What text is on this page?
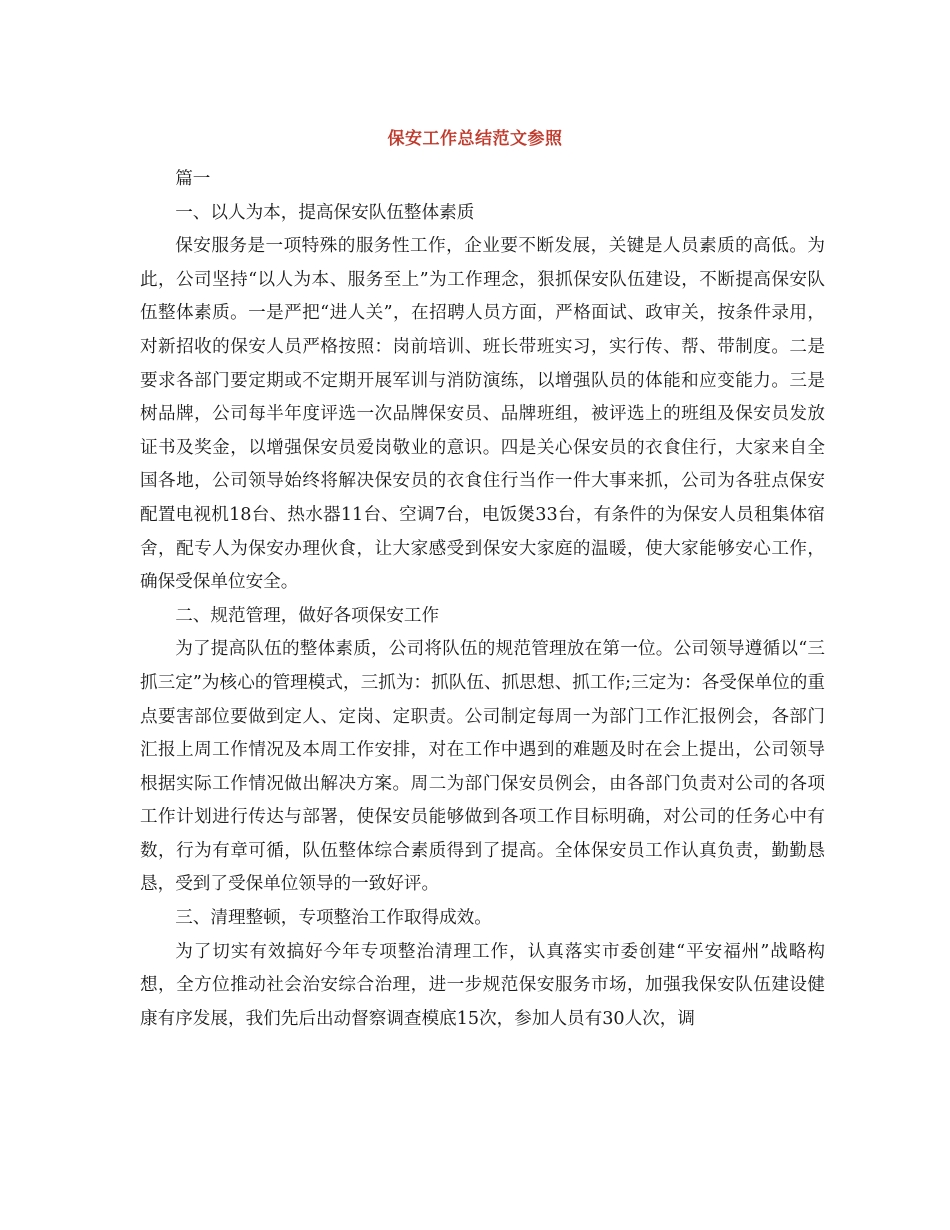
保安工作总结范文参照

篇一

一、以人为本，提高保安队伍整体素质

保安服务是一项特殊的服务性工作，企业要不断发展，关键是人员素质的高低。为此，公司坚持“以人为本、服务至上”为工作理念，狠抓保安队伍建设，不断提高保安队伍整体素质。一是严把“进人关”，在招聘人员方面，严格面试、政审关，按条件录用，对新招收的保安人员严格按照：岗前培训、班长带班实习，实行传、帮、带制度。二是要求各部门要定期或不定期开展军训与消防演练，以增强队员的体能和应变能力。三是树品牌，公司每半年度评选一次品牌保安员、品牌班组，被评选上的班组及保安员发放证书及奖金，以增强保安员爱岗敬业的意识。四是关心保安员的衣食住行，大家来自全国各地，公司领导始终将解决保安员的衣食住行当作一件大事来抓，公司为各驻点保安配置电视机18台、热水器11台、空调7台，电饭煲33台，有条件的为保安人员租集体宿舍，配专人为保安办理伙食，让大家感受到保安大家庭的温暖，使大家能够安心工作，确保受保单位安全。

二、规范管理，做好各项保安工作

为了提高队伍的整体素质，公司将队伍的规范管理放在第一位。公司领导遵循以“三抓三定”为核心的管理模式，三抓为：抓队伍、抓思想、抓工作;三定为：各受保单位的重点要害部位要做到定人、定岗、定职责。公司制定每周一为部门工作汇报例会，各部门汇报上周工作情况及本周工作安排，对在工作中遇到的难题及时在会上提出，公司领导根据实际工作情况做出解决方案。周二为部门保安员例会，由各部门负责对公司的各项工作计划进行传达与部署，使保安员能够做到各项工作目标明确，对公司的任务心中有数，行为有章可循，队伍整体综合素质得到了提高。全体保安员工作认真负责，勤勤恳恳，受到了受保单位领导的一致好评。

三、清理整顿，专项整治工作取得成效。

为了切实有效搞好今年专项整治清理工作，认真落实市委创建“平安福州”战略构想，全方位推动社会治安综合治理，进一步规范保安服务市场，加强我保安队伍建设健康有序发展，我们先后出动督察调查模底15次，参加人员有30人次，调
